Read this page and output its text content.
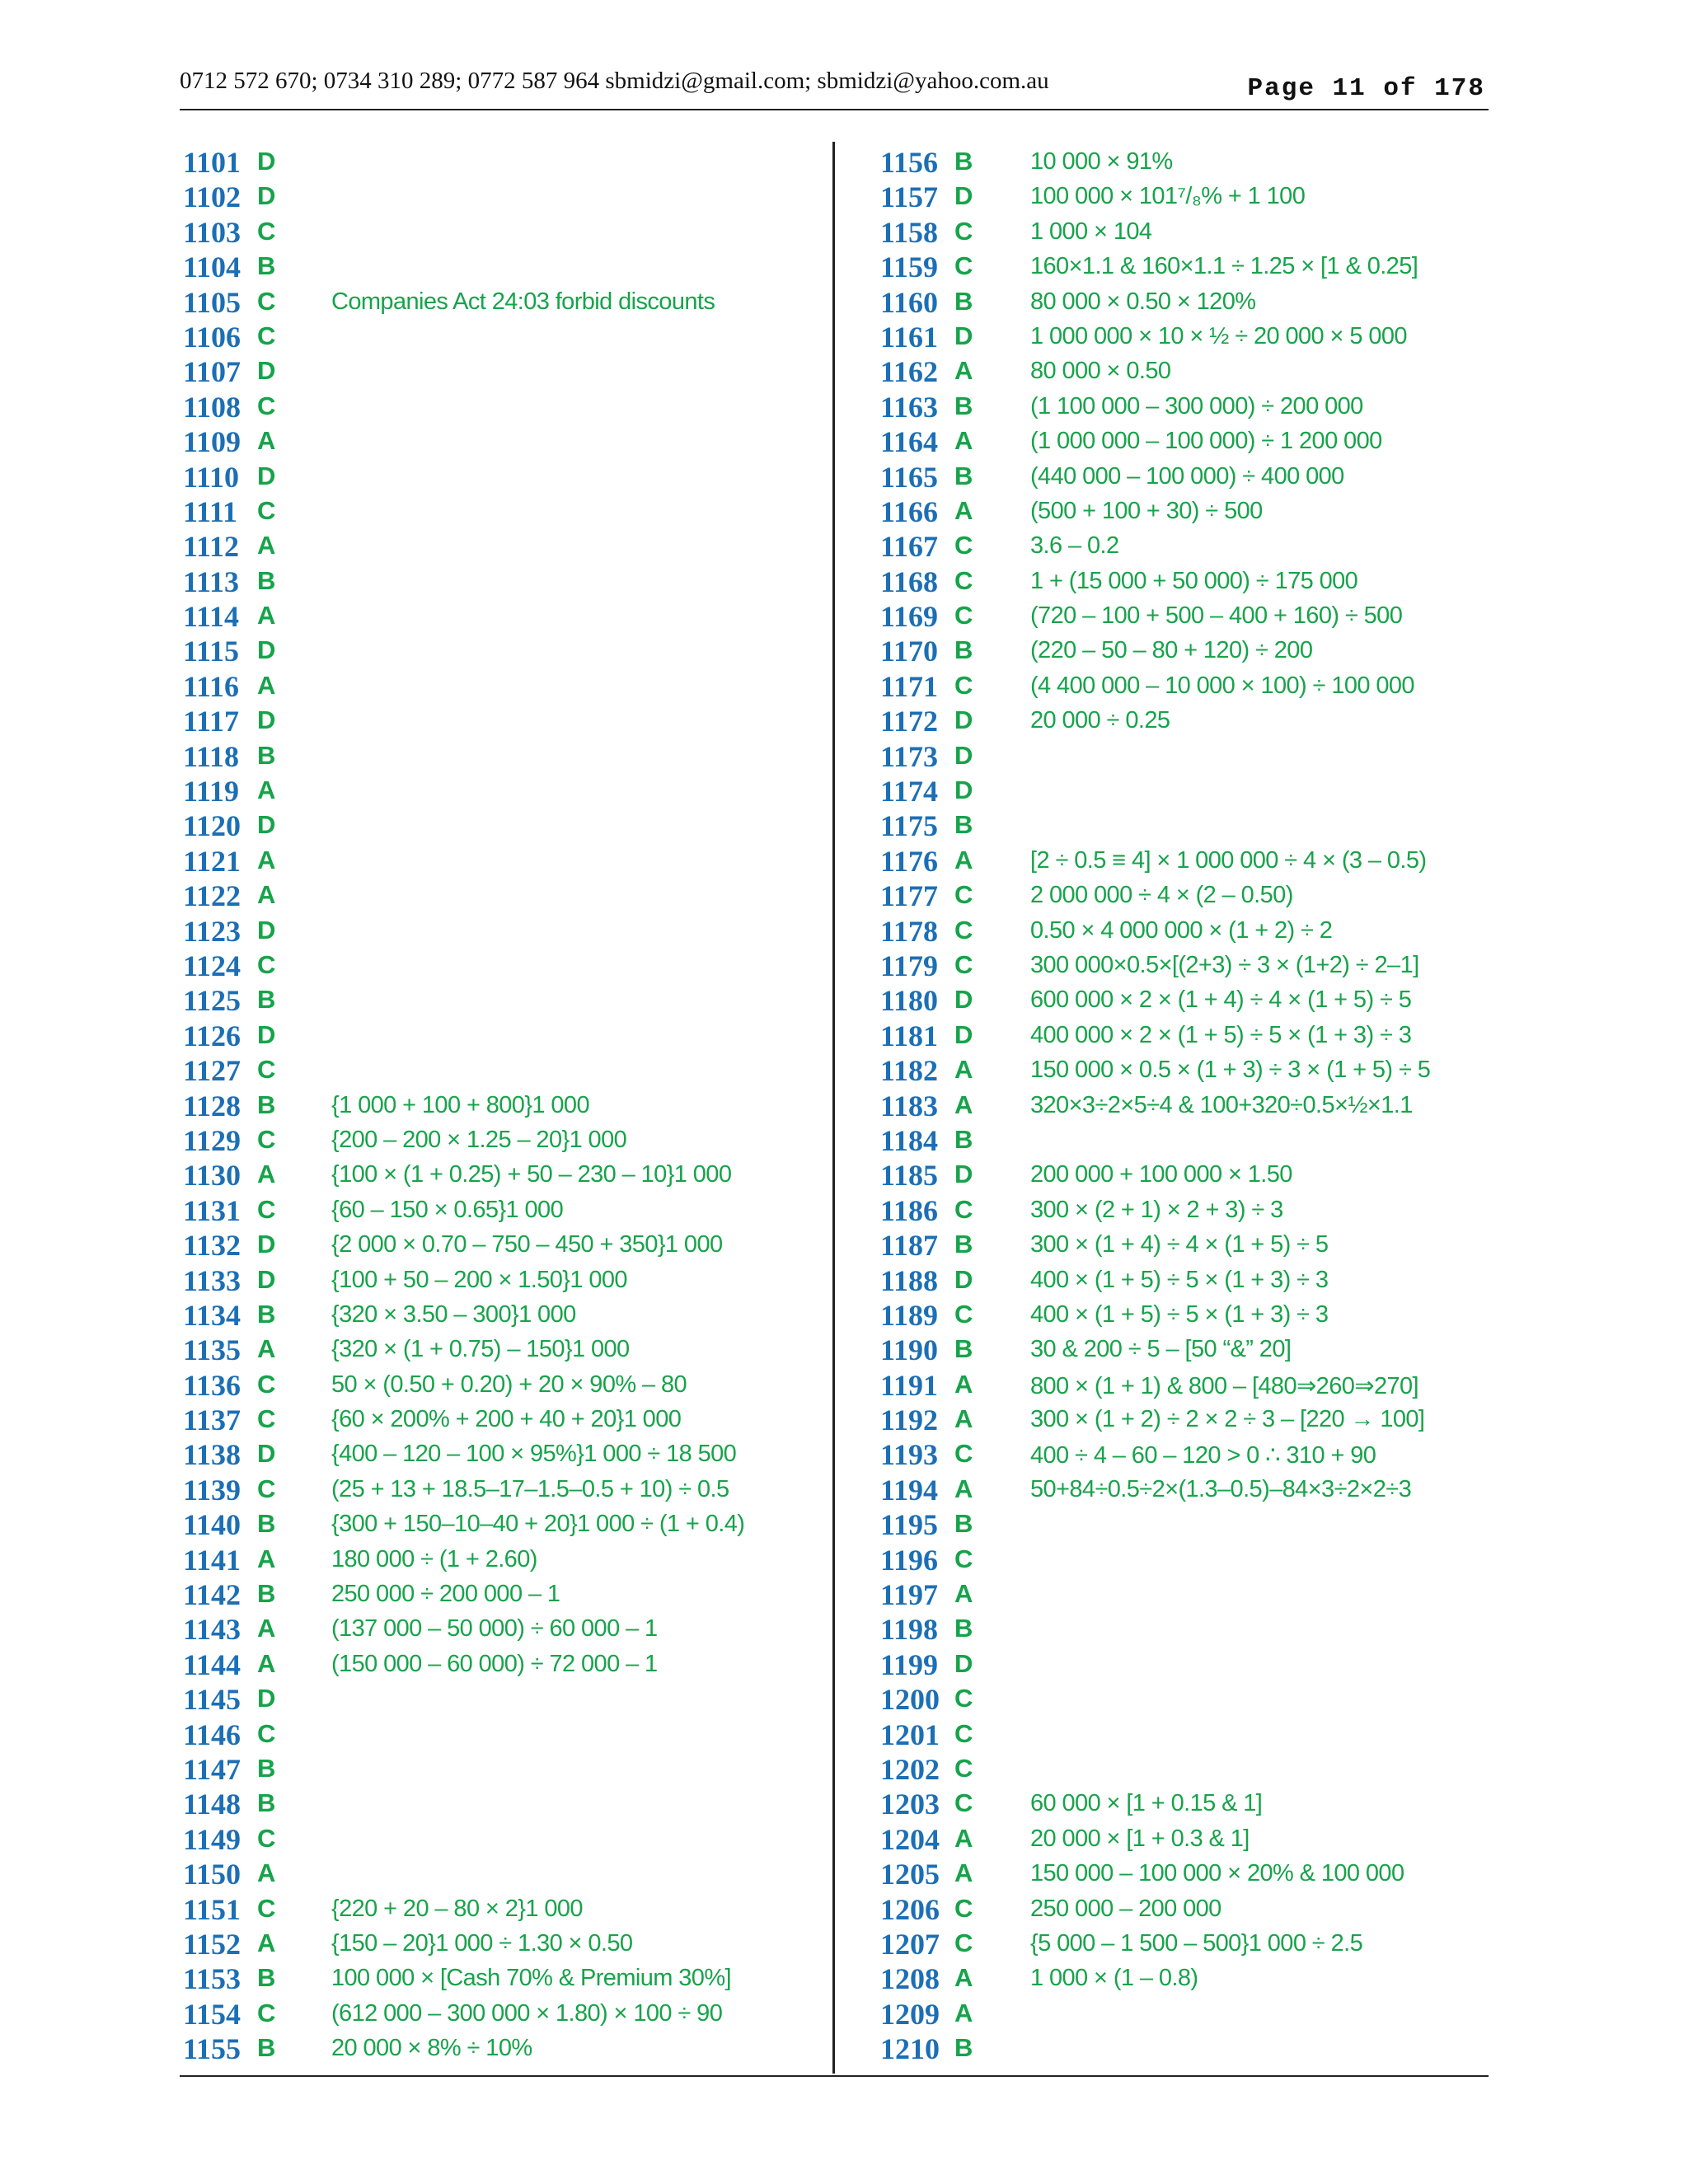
0712 572 670; 0734 310 289; 0772 587 964 sbmidzi@gmail.com; sbmidzi@yahoo.com.au	Page 11 of 178
1101 D
1102 D
1103 C
1104 B
1105 C Companies Act 24:03 forbid discounts
1106 C
1107 D
1108 C
1109 A
1110 D
1111 C
1112 A
1113 B
1114 A
1115 D
1116 A
1117 D
1118 B
1119 A
1120 D
1121 A
1122 A
1123 D
1124 C
1125 B
1126 D
1127 C
1128 B {1 000 + 100 + 800}1 000
1129 C {200 – 200 × 1.25 – 20}1 000
1130 A {100 × (1 + 0.25) + 50 – 230 – 10}1 000
1131 C {60 – 150 × 0.65}1 000
1132 D {2 000 × 0.70 – 750 – 450 + 350}1 000
1133 D {100 + 50 – 200 × 1.50}1 000
1134 B {320 × 3.50 – 300}1 000
1135 A {320 × (1 + 0.75) – 150}1 000
1136 C 50 × (0.50 + 0.20) + 20 × 90% – 80
1137 C {60 × 200% + 200 + 40 + 20}1 000
1138 D {400 – 120 – 100 × 95%}1 000 ÷ 18 500
1139 C (25 + 13 + 18.5–17–1.5–0.5 + 10) ÷ 0.5
1140 B {300 + 150–10–40 + 20}1 000 ÷ (1 + 0.4)
1141 A 180 000 ÷ (1 + 2.60)
1142 B 250 000 ÷ 200 000 – 1
1143 A (137 000 – 50 000) ÷ 60 000 – 1
1144 A (150 000 – 60 000) ÷ 72 000 – 1
1145 D
1146 C
1147 B
1148 B
1149 C
1150 A
1151 C {220 + 20 – 80 × 2}1 000
1152 A {150 – 20}1 000 ÷ 1.30 × 0.50
1153 B 100 000 × [Cash 70% & Premium 30%]
1154 C (612 000 – 300 000 × 1.80) × 100 ÷ 90
1155 B 20 000 × 8% ÷ 10%
1156 B 10 000 × 91%
1157 D 100 000 × 101⁷/₈% + 1 100
1158 C 1 000 × 104
1159 C 160×1.1 & 160×1.1 ÷ 1.25 × [1 & 0.25]
1160 B 80 000 × 0.50 × 120%
1161 D 1 000 000 × 10 × ½ ÷ 20 000 × 5 000
1162 A 80 000 × 0.50
1163 B (1 100 000 – 300 000) ÷ 200 000
1164 A (1 000 000 – 100 000) ÷ 1 200 000
1165 B (440 000 – 100 000) ÷ 400 000
1166 A (500 + 100 + 30) ÷ 500
1167 C 3.6 – 0.2
1168 C 1 + (15 000 + 50 000) ÷ 175 000
1169 C (720 – 100 + 500 – 400 + 160) ÷ 500
1170 B (220 – 50 – 80 + 120) ÷ 200
1171 C (4 400 000 – 10 000 × 100) ÷ 100 000
1172 D 20 000 ÷ 0.25
1173 D
1174 D
1175 B
1176 A [2 ÷ 0.5 ≡ 4] × 1 000 000 ÷ 4 × (3 – 0.5)
1177 C 2 000 000 ÷ 4 × (2 – 0.50)
1178 C 0.50 × 4 000 000 × (1 + 2) ÷ 2
1179 C 300 000×0.5×[(2+3) ÷ 3 × (1+2) ÷ 2–1]
1180 D 600 000 × 2 × (1 + 4) ÷ 4 × (1 + 5) ÷ 5
1181 D 400 000 × 2 × (1 + 5) ÷ 5 × (1 + 3) ÷ 3
1182 A 150 000 × 0.5 × (1 + 3) ÷ 3 × (1 + 5) ÷ 5
1183 A 320×3÷2×5÷4 & 100+320÷0.5×½×1.1
1184 B
1185 D 200 000 + 100 000 × 1.50
1186 C 300 × (2 + 1) × 2 + 3) ÷ 3
1187 B 300 × (1 + 4) ÷ 4 × (1 + 5) ÷ 5
1188 D 400 × (1 + 5) ÷ 5 × (1 + 3) ÷ 3
1189 C 400 × (1 + 5) ÷ 5 × (1 + 3) ÷ 3
1190 B 30 & 200 ÷ 5 – [50 “&” 20]
1191 A 800 × (1 + 1) & 800 – [480⇒260⇒270]
1192 A 300 × (1 + 2) ÷ 2 × 2 ÷ 3 – [220 → 100]
1193 C 400 ÷ 4 – 60 – 120 > 0 ∴ 310 + 90
1194 A 50+84÷0.5÷2×(1.3–0.5)–84×3÷2×2÷3
1195 B
1196 C
1197 A
1198 B
1199 D
1200 C
1201 C
1202 C
1203 C 60 000 × [1 + 0.15 & 1]
1204 A 20 000 × [1 + 0.3 & 1]
1205 A 150 000 – 100 000 × 20% & 100 000
1206 C 250 000 – 200 000
1207 C {5 000 – 1 500 – 500}1 000 ÷ 2.5
1208 A 1 000 × (1 – 0.8)
1209 A
1210 B
